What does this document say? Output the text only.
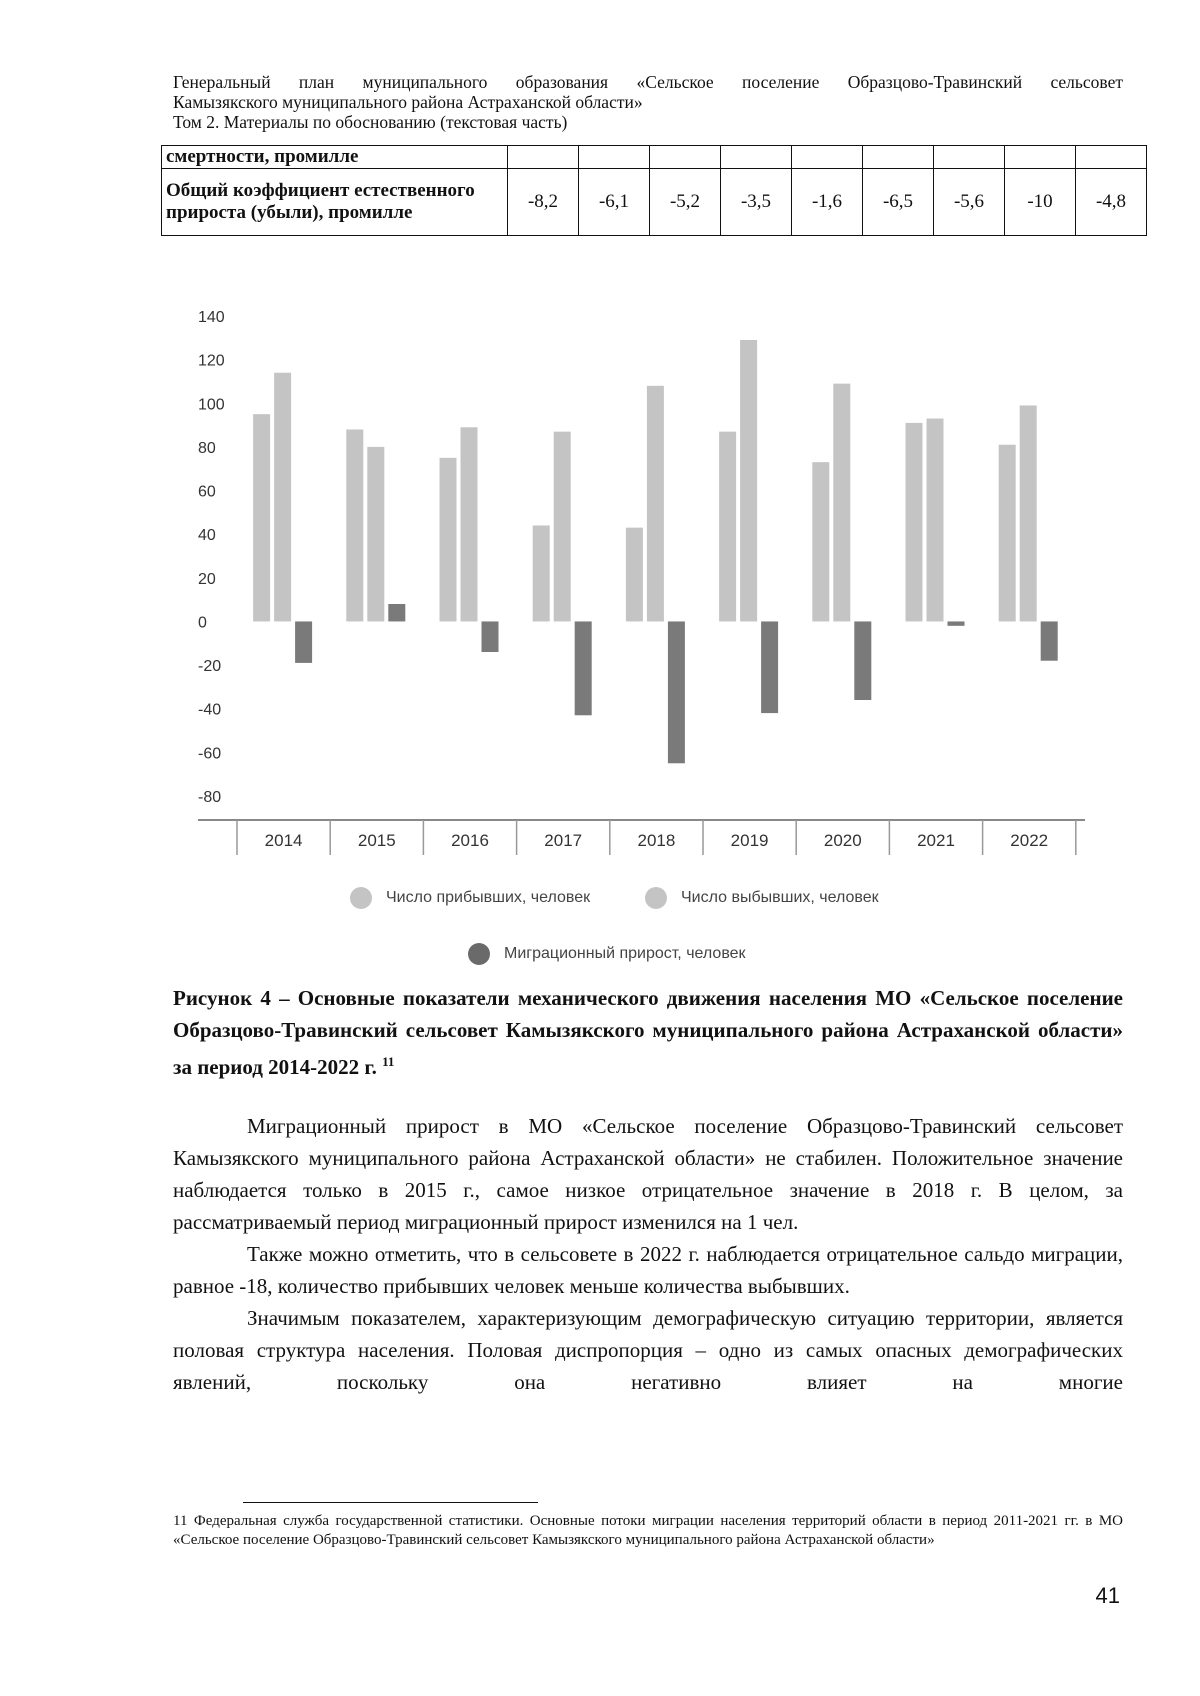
Генеральный план муниципального образования «Сельское поселение Образцово-Травинский сельсовет
Камызякского муниципального района Астраханской области»
Том 2. Материалы по обоснованию (текстовая часть)
смертности, промилле									
Общий коэффициент естественного прироста (убыли), промилле	-8,2	-6,1	-5,2	-3,5	-1,6	-6,5	-5,6	-10	-4,8
140
120
100
80
60
40
20
0
-20
-40
-60
-80
2014	2015	2016	2017	2018	2019	2020	2021	2022
Число прибывших, человек	Число выбывших, человек
Миграционный прирост, человек

Рисунок 4 – Основные показатели механического движения населения МО «Сельское поселение Образцово-Травинский сельсовет Камызякского муниципального района Астраханской области» за период 2014-2022 г. $^{11}$

Миграционный прирост в МО «Сельское поселение Образцово-Травинский сельсовет Камызякского муниципального района Астраханской области» не стабилен. Положительное значение наблюдается только в 2015 г., самое низкое отрицательное значение в 2018 г. В целом, за рассматриваемый период миграционный прирост изменился на 1 чел.

Также можно отметить, что в сельсовете в 2022 г. наблюдается отрицательное сальдо миграции, равное -18, количество прибывших человек меньше количества выбывших.

Значимым показателем, характеризующим демографическую ситуацию территории, является половая структура населения. Половая диспропорция – одно из самых опасных демографических явлений, поскольку она негативно влияет на многие

11 Федеральная служба государственной статистики. Основные потоки миграции населения территорий области в период 2011-2021 гг. в МО «Сельское поселение Образцово-Травинский сельсовет Камызякского муниципального района Астраханской области»

41
